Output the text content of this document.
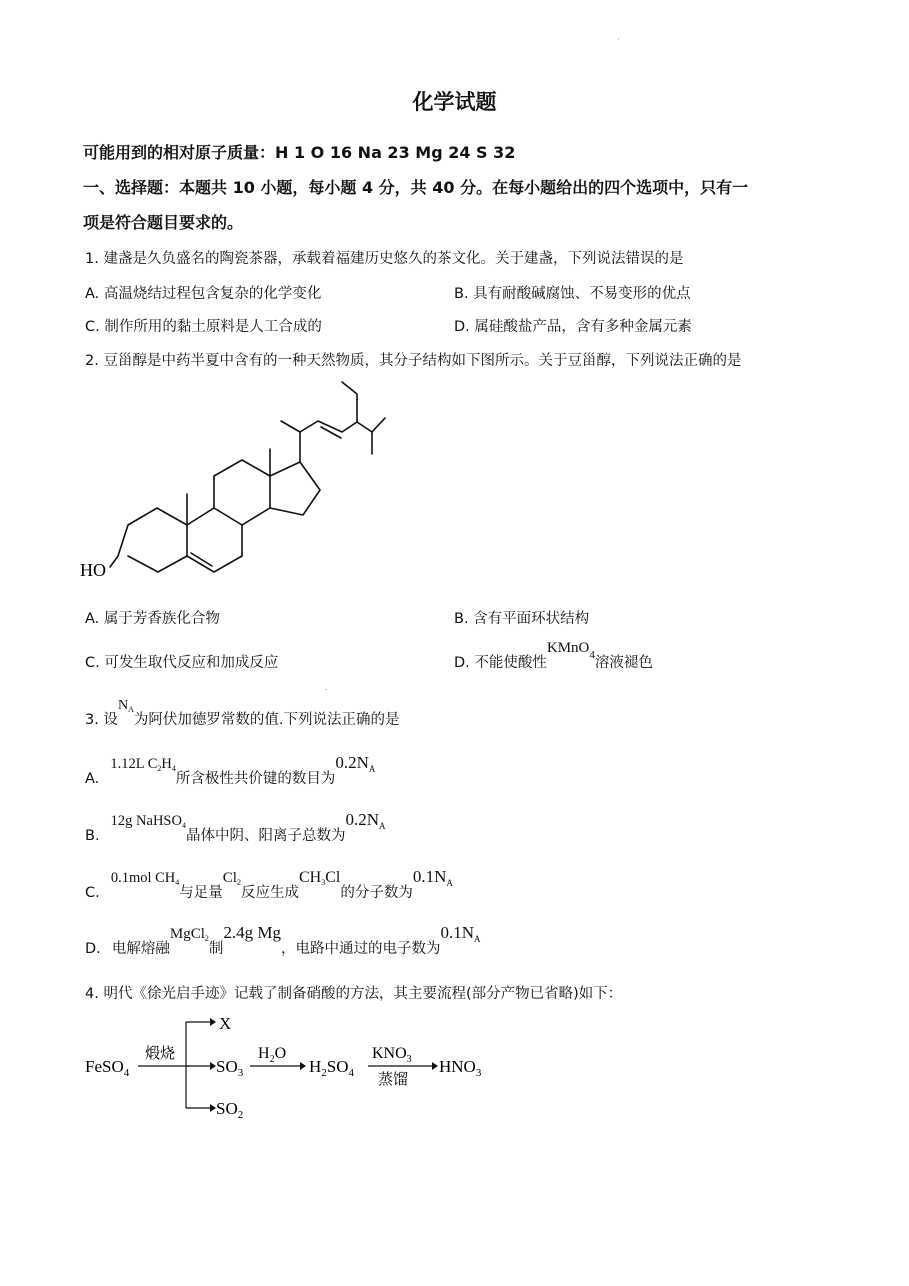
'
化学试题
可能用到的相对原子质量：H 1 O 16 Na 23 Mg 24 S 32
一、选择题：本题共 10 小题，每小题 4 分，共 40 分。在每小题给出的四个选项中，只有一
项是符合题目要求的。
1. 建盏是久负盛名的陶瓷茶器，承载着福建历史悠久的茶文化。关于建盏，下列说法错误的是
A. 高温烧结过程包含复杂的化学变化	B. 具有耐酸碱腐蚀、不易变形的优点
C. 制作所用的黏土原料是人工合成的	D. 属硅酸盐产品，含有多种金属元素
2. 豆甾醇是中药半夏中含有的一种天然物质，其分子结构如下图所示。关于豆甾醇，下列说法正确的是
HO
A. 属于芳香族化合物	B. 含有平面环状结构
C. 可发生取代反应和加成反应	D. 不能使酸性KMnO$_4$溶液褪色
-
3. 设NA为阿伏加德罗常数的值.下列说法正确的是
A. 1.12L C2H4所含极性共价键的数目为$0.2N_A$
B. 12g NaHSO4晶体中阴、阳离子总数为$0.2N_A$
C. 0.1mol CH4与足量Cl2反应生成CH3Cl的分子数为$0.1N_A$
D. 电解熔融MgCl2制2.4g Mg，电路中通过的电子数为$0.1N_A$
4. 明代《徐光启手迹》记载了制备硝酸的方法，其主要流程(部分产物已省略)如下：
FeSO$_4$
煅烧
X
$SO_3$
$SO_2$
$H_2O$
$H_2SO_4$
$KNO_3$
蒸馏
$HNO_3$
